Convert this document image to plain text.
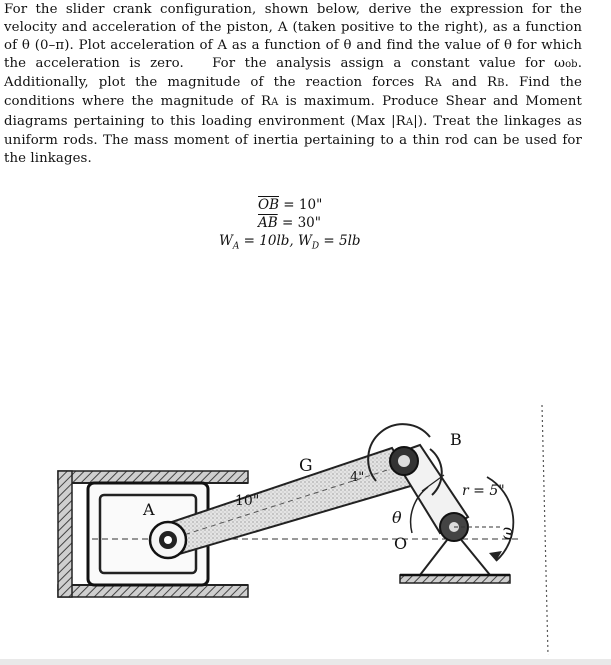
For the slider crank configuration, shown below, derive the expression for the velocity and acceleration of the piston, A (taken positive to the right), as a function of θ (0–π). Plot acceleration of A as a function of θ and find the value of θ for which the acceleration is zero. For the analysis assign a constant value for ωob. Additionally, plot the magnitude of the reaction forces RA and RB. Find the conditions where the magnitude of RA is maximum. Produce Shear and Moment diagrams pertaining to this loading environment (Max |RA|). Treat the linkages as uniform rods. The mass moment of inertia pertaining to a thin rod can be used for the linkages.

$\overline{OB} = 10$"
$\overline{AB} = 30$"
$W_A = 10lb$, $W_D = 5lb$
A
B
G
O
θ
10"
4"
r = 5"
ω
